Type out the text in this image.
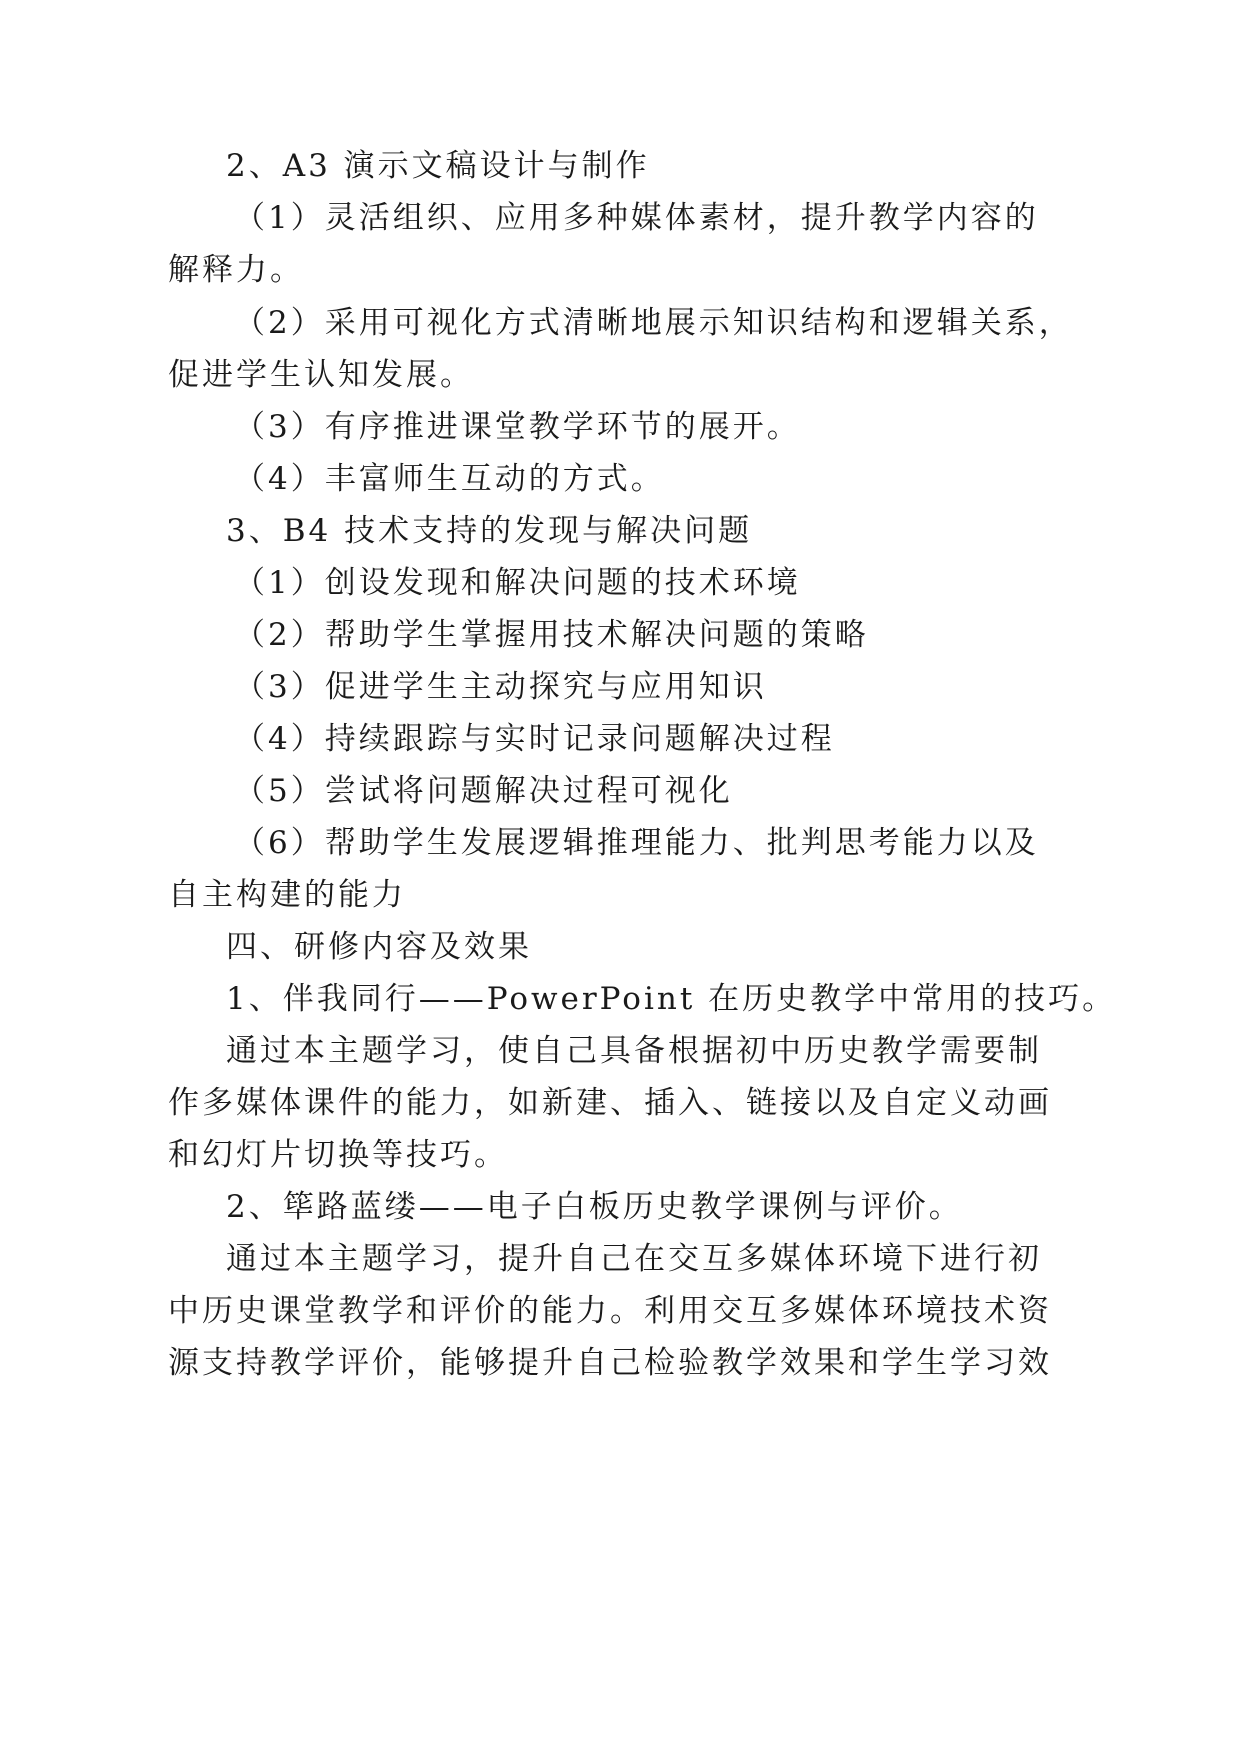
2、A3 演示文稿设计与制作
（1）灵活组织、应用多种媒体素材，提升教学内容的
解释力。
（2）采用可视化方式清晰地展示知识结构和逻辑关系，
促进学生认知发展。
（3）有序推进课堂教学环节的展开。
（4）丰富师生互动的方式。
3、B4 技术支持的发现与解决问题
（1）创设发现和解决问题的技术环境
（2）帮助学生掌握用技术解决问题的策略
（3）促进学生主动探究与应用知识
（4）持续跟踪与实时记录问题解决过程
（5）尝试将问题解决过程可视化
（6）帮助学生发展逻辑推理能力、批判思考能力以及
自主构建的能力
四、研修内容及效果
1、伴我同行——PowerPoint 在历史教学中常用的技巧。
通过本主题学习，使自己具备根据初中历史教学需要制
作多媒体课件的能力，如新建、插入、链接以及自定义动画
和幻灯片切换等技巧。
2、筚路蓝缕——电子白板历史教学课例与评价。
通过本主题学习，提升自己在交互多媒体环境下进行初
中历史课堂教学和评价的能力。利用交互多媒体环境技术资
源支持教学评价，能够提升自己检验教学效果和学生学习效
